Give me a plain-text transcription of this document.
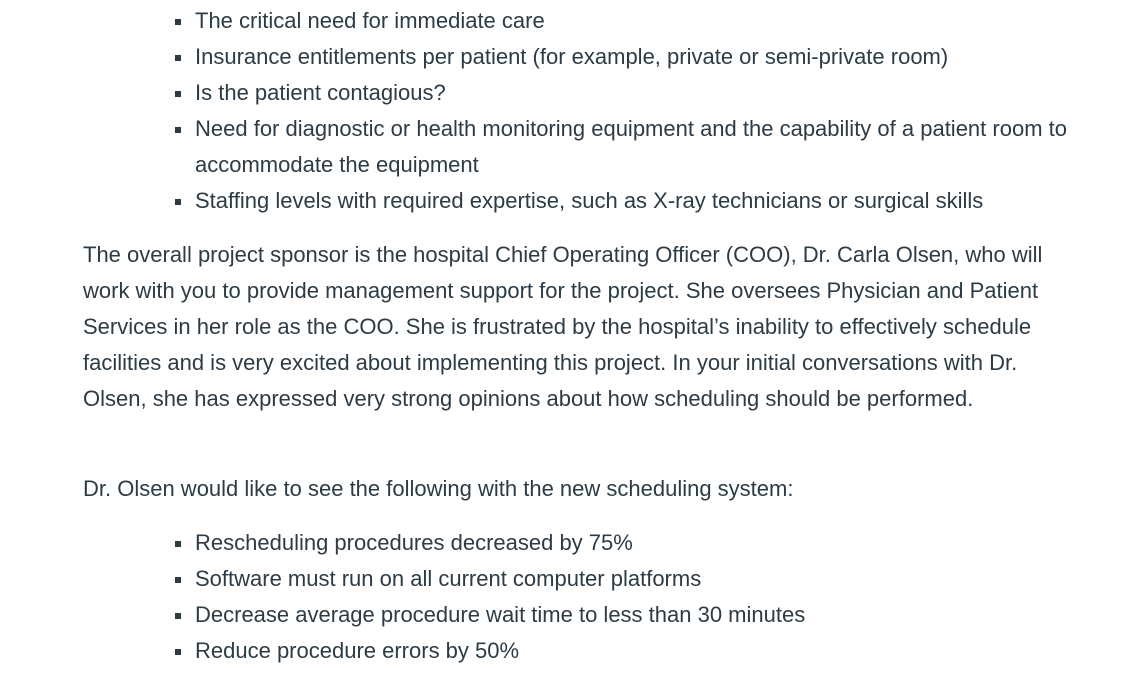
The critical need for immediate care
Insurance entitlements per patient (for example, private or semi-private room)
Is the patient contagious?
Need for diagnostic or health monitoring equipment and the capability of a patient room to accommodate the equipment
Staffing levels with required expertise, such as X-ray technicians or surgical skills

The overall project sponsor is the hospital Chief Operating Officer (COO), Dr. Carla Olsen, who will work with you to provide management support for the project. She oversees Physician and Patient Services in her role as the COO. She is frustrated by the hospital’s inability to effectively schedule facilities and is very excited about implementing this project. In your initial conversations with Dr. Olsen, she has expressed very strong opinions about how scheduling should be performed.

Dr. Olsen would like to see the following with the new scheduling system:

Rescheduling procedures decreased by 75%
Software must run on all current computer platforms
Decrease average procedure wait time to less than 30 minutes
Reduce procedure errors by 50%
